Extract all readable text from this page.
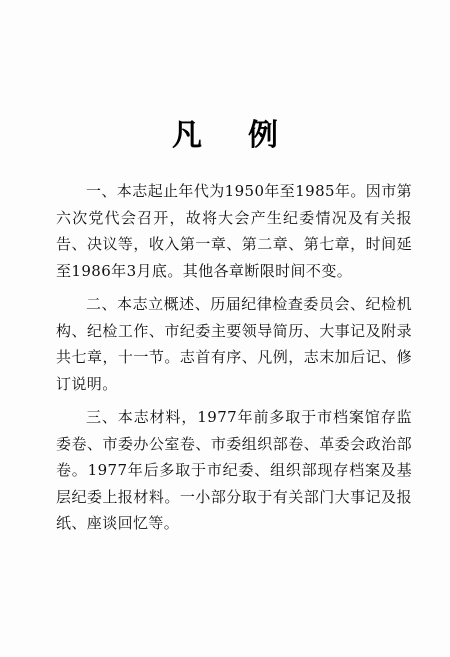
凡例

一、本志起止年代为1950年至1985年。因市第六次党代会召开，故将大会产生纪委情况及有关报告、决议等，收入第一章、第二章、第七章，时间延至1986年3月底。其他各章断限时间不变。

二、本志立概述、历届纪律检查委员会、纪检机构、纪检工作、市纪委主要领导简历、大事记及附录共七章，十一节。志首有序、凡例，志末加后记、修订说明。

三、本志材料，1977年前多取于市档案馆存监委卷、市委办公室卷、市委组织部卷、革委会政治部卷。1977年后多取于市纪委、组织部现存档案及基层纪委上报材料。一小部分取于有关部门大事记及报纸、座谈回忆等。
